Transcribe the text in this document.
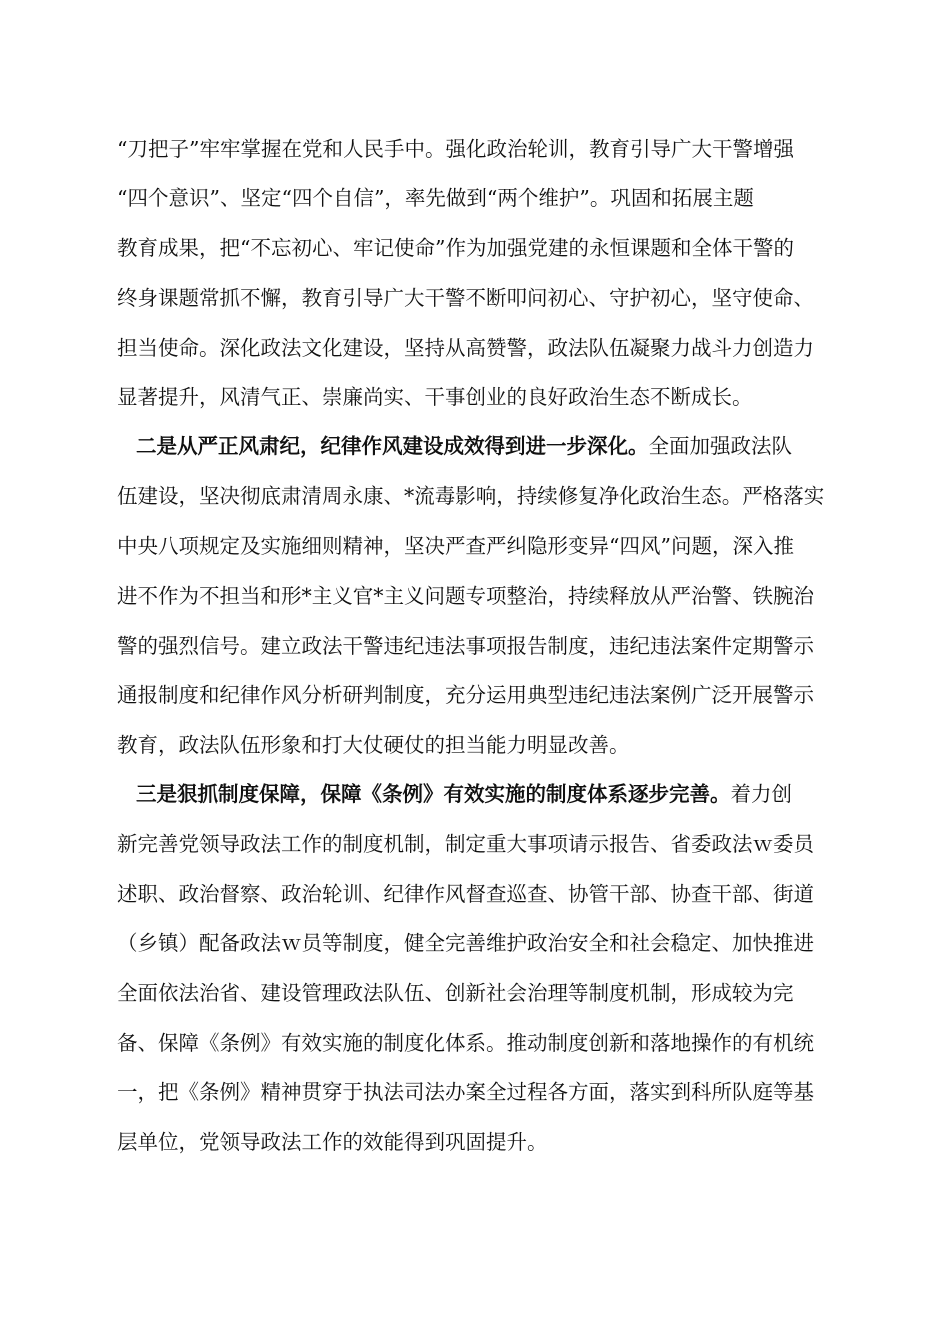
“刀把子”牢牢掌握在党和人民手中。强化政治轮训，教育引导广大干警增强
“四个意识”、坚定“四个自信”，率先做到“两个维护”。巩固和拓展主题
教育成果，把“不忘初心、牢记使命”作为加强党建的永恒课题和全体干警的
终身课题常抓不懈，教育引导广大干警不断叩问初心、守护初心，坚守使命、
担当使命。深化政法文化建设，坚持从高赞警，政法队伍凝聚力战斗力创造力
显著提升，风清气正、崇廉尚实、干事创业的良好政治生态不断成长。
二是从严正风肃纪，纪律作风建设成效得到进一步深化。全面加强政法队
伍建设，坚决彻底肃清周永康、*流毒影响，持续修复净化政治生态。严格落实
中央八项规定及实施细则精神，坚决严查严纠隐形变异“四风”问题，深入推
进不作为不担当和形*主义官*主义问题专项整治，持续释放从严治警、铁腕治
警的强烈信号。建立政法干警违纪违法事项报告制度，违纪违法案件定期警示
通报制度和纪律作风分析研判制度，充分运用典型违纪违法案例广泛开展警示
教育，政法队伍形象和打大仗硬仗的担当能力明显改善。
三是狠抓制度保障，保障《条例》有效实施的制度体系逐步完善。着力创
新完善党领导政法工作的制度机制，制定重大事项请示报告、省委政法ｗ委员
述职、政治督察、政治轮训、纪律作风督查巡查、协管干部、协查干部、街道
（乡镇）配备政法ｗ员等制度，健全完善维护政治安全和社会稳定、加快推进
全面依法治省、建设管理政法队伍、创新社会治理等制度机制，形成较为完
备、保障《条例》有效实施的制度化体系。推动制度创新和落地操作的有机统
一，把《条例》精神贯穿于执法司法办案全过程各方面，落实到科所队庭等基
层单位，党领导政法工作的效能得到巩固提升。
